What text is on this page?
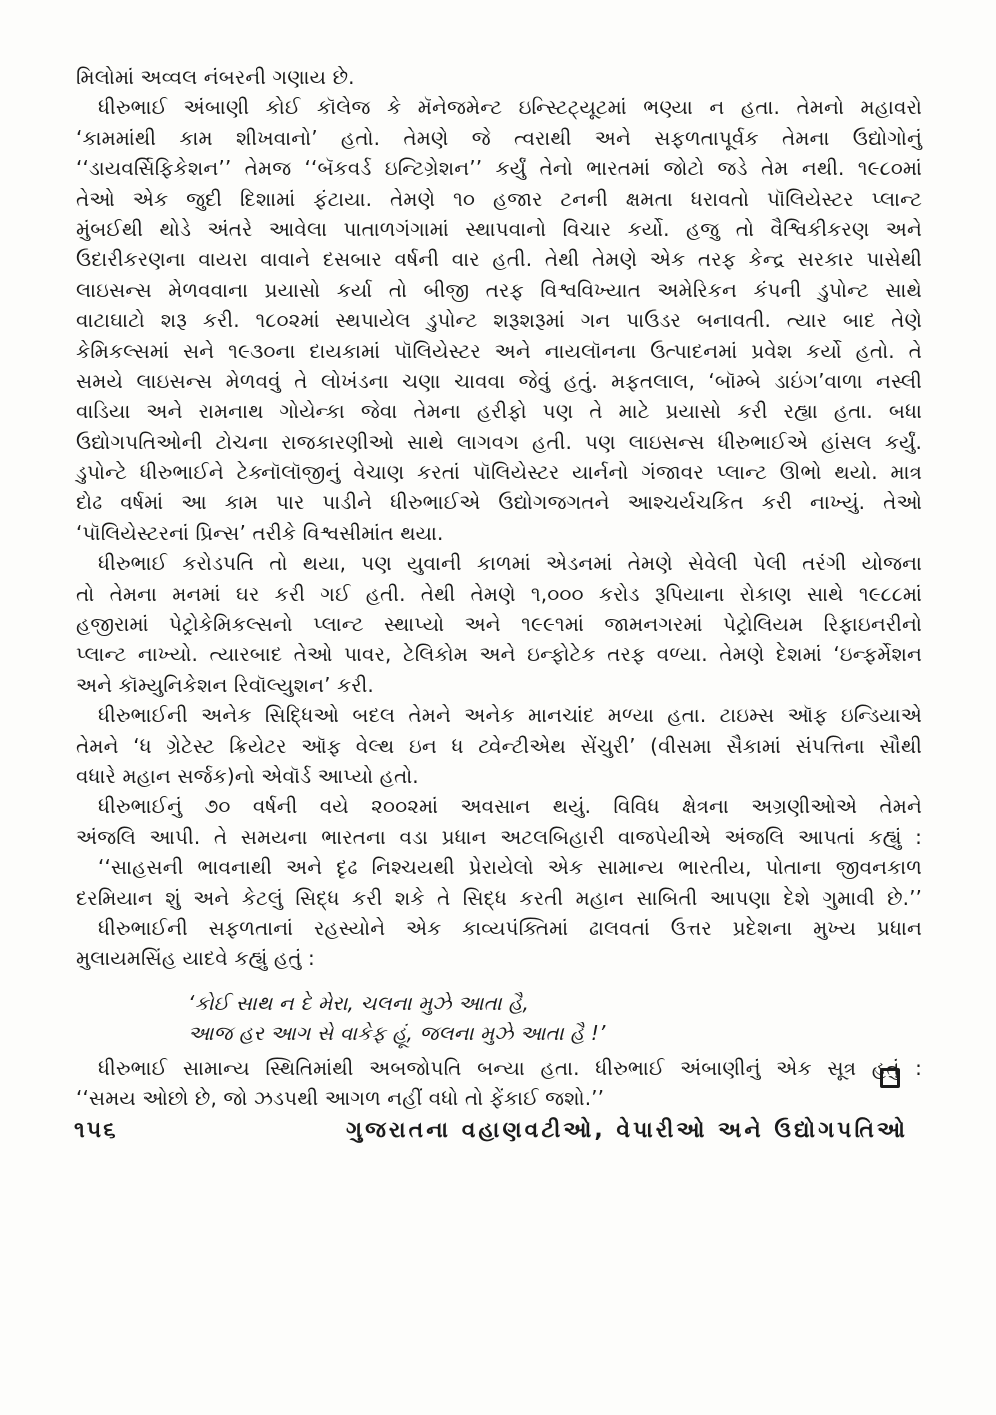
મિલોમાં અવ્વલ નંબરની ગણાય છે.
ધીરુભાઈ અંબાણી કોઈ કૉલેજ કે મૅનેજમેન્ટ ઇન્સ્ટિટ્યૂટમાં ભણ્યા ન હતા. તેમનો મહાવરો
‘કામમાંથી કામ શીખવાનો’ હતો. તેમણે જે ત્વરાથી અને સફળતાપૂર્વક તેમના ઉદ્યોગોનું
‘‘ડાયવર્સિફિકેશન’’ તેમજ ‘‘બૅકવર્ડ ઇન્ટિગ્રેશન’’ કર્યું તેનો ભારતમાં જોટો જડે તેમ નથી. ૧૯૮૦માં
તેઓ એક જુદી દિશામાં ફંટાયા. તેમણે ૧૦ હજાર ટનની ક્ષમતા ધરાવતો પૉલિયેસ્ટર પ્લાન્ટ
મુંબઈથી થોડે અંતરે આવેલા પાતાળગંગામાં સ્થાપવાનો વિચાર કર્યો. હજુ તો વૈશ્વિકીકરણ અને
ઉદારીકરણના વાયરા વાવાને દસબાર વર્ષની વાર હતી. તેથી તેમણે એક તરફ કેન્દ્ર સરકાર પાસેથી
લાઇસન્સ મેળવવાના પ્રયાસો કર્યા તો બીજી તરફ વિશ્વવિખ્યાત અમેરિકન કંપની ડુપોન્ટ સાથે
વાટાઘાટો શરૂ કરી. ૧૮૦૨માં સ્થપાયેલ ડુપોન્ટ શરૂશરૂમાં ગન પાઉડર બનાવતી. ત્યાર બાદ તેણે
કેમિકલ્સમાં સને ૧૯૩૦ના દાયકામાં પૉલિયેસ્ટર અને નાયલૉનના ઉત્પાદનમાં પ્રવેશ કર્યો હતો. તે
સમયે લાઇસન્સ મેળવવું તે લોખંડના ચણા ચાવવા જેવું હતું. મફતલાલ, ‘બૉમ્બે ડાઇંગ’વાળા નસ્લી
વાડિયા અને રામનાથ ગોયેન્કા જેવા તેમના હરીફો પણ તે માટે પ્રયાસો કરી રહ્યા હતા. બધા
ઉદ્યોગપતિઓની ટોચના રાજકારણીઓ સાથે લાગવગ હતી. પણ લાઇસન્સ ધીરુભાઈએ હાંસલ કર્યું.
ડુપોન્ટે ધીરુભાઈને ટેક્નૉલૉજીનું વેચાણ કરતાં પૉલિયેસ્ટર યાર્નનો ગંજાવર પ્લાન્ટ ઊભો થયો. માત્ર
દોઢ વર્ષમાં આ કામ પાર પાડીને ધીરુભાઈએ ઉદ્યોગજગતને આશ્ચર્યચકિત કરી નાખ્યું. તેઓ
‘પૉલિયેસ્ટરનાં પ્રિન્સ’ તરીકે વિશ્વસીમાંત થયા.
ધીરુભાઈ કરોડપતિ તો થયા, પણ યુવાની કાળમાં એડનમાં તેમણે સેવેલી પેલી તરંગી યોજના
તો તેમના મનમાં ઘર કરી ગઈ હતી. તેથી તેમણે ૧,૦૦૦ કરોડ રૂપિયાના રોકાણ સાથે ૧૯૮૮માં
હજીરામાં પેટ્રોકેમિકલ્સનો પ્લાન્ટ સ્થાપ્યો અને ૧૯૯૧માં જામનગરમાં પેટ્રોલિયમ રિફાઇનરીનો
પ્લાન્ટ નાખ્યો. ત્યારબાદ તેઓ પાવર, ટેલિકોમ અને ઇન્ફોટેક તરફ વળ્યા. તેમણે દેશમાં ‘ઇન્ફર્મેશન
અને કૉમ્યુનિકેશન રિવૉલ્યુશન’ કરી.
ધીરુભાઈની અનેક સિદ્ધિઓ બદલ તેમને અનેક માનચાંદ મળ્યા હતા. ટાઇમ્સ ઑફ ઇન્ડિયાએ
તેમને ‘ધ ગ્રેટેસ્ટ ક્રિયેટર ઑફ વેલ્થ ઇન ધ ટ્વેન્ટીએથ સેંચુરી’ (વીસમા સૈકામાં સંપત્તિના સૌથી
વધારે મહાન સર્જક)નો એવૉર્ડ આપ્યો હતો.
ધીરુભાઈનું ૭૦ વર્ષની વયે ૨૦૦૨માં અવસાન થયું. વિવિધ ક્ષેત્રના અગ્રણીઓએ તેમને
અંજલિ આપી. તે સમયના ભારતના વડા પ્રધાન અટલબિહારી વાજપેયીએ અંજલિ આપતાં કહ્યું :
‘‘સાહસની ભાવનાથી અને દૃઢ નિશ્ચયથી પ્રેરાયેલો એક સામાન્ય ભારતીય, પોતાના જીવનકાળ
દરમિયાન શું અને કેટલું સિદ્ધ કરી શકે તે સિદ્ધ કરતી મહાન સાબિતી આપણા દેશે ગુમાવી છે.’’
ધીરુભાઈની સફળતાનાં રહસ્યોને એક કાવ્યપંક્તિમાં ઢાલવતાં ઉત્તર પ્રદેશના મુખ્ય પ્રધાન
મુલાયમસિંહ યાદવે કહ્યું હતું :
‘કોઈ સાથ ન દે મેરા, ચલના મુઝે આતા હૈ,
આજ હર આગ સે વાકેફ હૂં, જલના મુઝે આતા હૈ !’
ધીરુભાઈ સામાન્ય સ્થિતિમાંથી અબજોપતિ બન્યા હતા. ધીરુભાઈ અંબાણીનું એક સૂત્ર હતું :
‘‘સમય ઓછો છે, જો ઝડપથી આગળ નહીં વધો તો ફેંકાઈ જશો.’’
૧૫૬	ગુજરાતના વહાણવટીઓ, વેપારીઓ અને ઉદ્યોગપતિઓ
